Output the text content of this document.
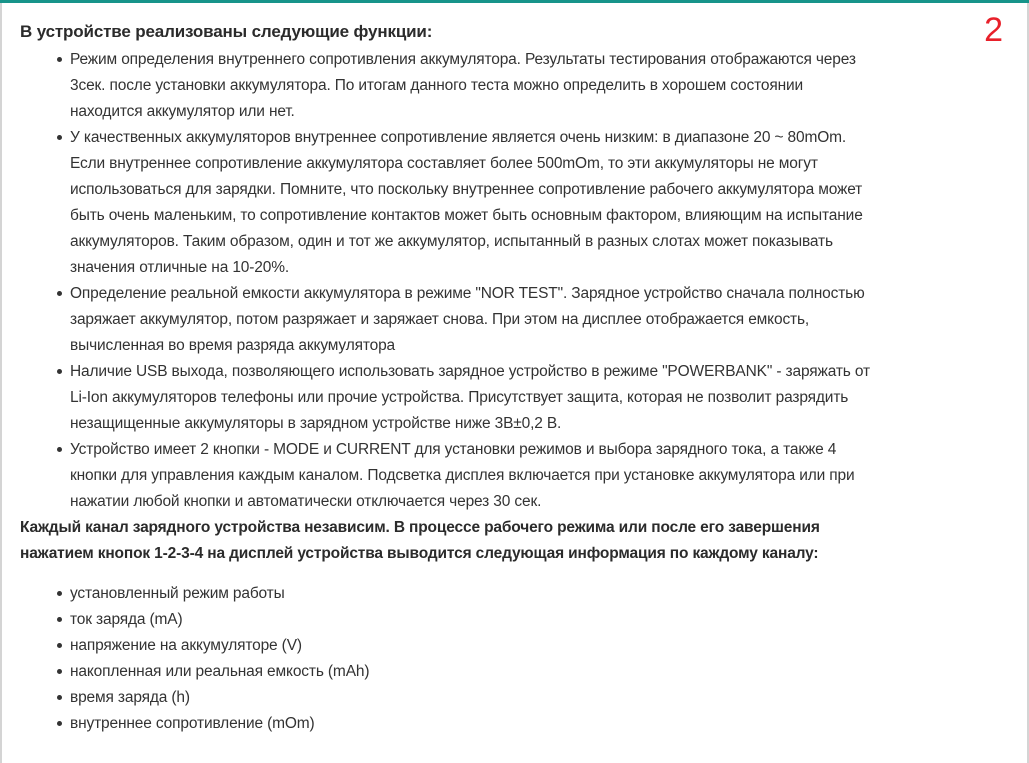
2
В устройстве реализованы следующие функции:
Режим определения внутреннего сопротивления аккумулятора. Результаты тестирования отображаются через
3сек. после установки аккумулятора. По итогам данного теста можно определить в хорошем состоянии
находится аккумулятор или нет.
У качественных аккумуляторов внутреннее сопротивление является очень низким: в диапазоне 20 ~ 80mOm.
Если внутреннее сопротивление аккумулятора составляет более 500mOm, то эти аккумуляторы не могут
использоваться для зарядки. Помните, что поскольку внутреннее сопротивление рабочего аккумулятора может
быть очень маленьким, то сопротивление контактов может быть основным фактором, влияющим на испытание
аккумуляторов. Таким образом, один и тот же аккумулятор, испытанный в разных слотах может показывать
значения отличные на 10-20%.
Определение реальной емкости аккумулятора в режиме "NOR TEST". Зарядное устройство сначала полностью
заряжает аккумулятор, потом разряжает и заряжает снова. При этом на дисплее отображается емкость,
вычисленная во время разряда аккумулятора
Наличие USB выхода, позволяющего использовать зарядное устройство в режиме "POWERBANK" - заряжать от
Li-Ion аккумуляторов телефоны или прочие устройства. Присутствует защита, которая не позволит разрядить
незащищенные аккумуляторы в зарядном устройстве ниже 3В±0,2 В.
Устройство имеет 2 кнопки - MODE и CURRENT для установки режимов и выбора зарядного тока, а также 4
кнопки для управления каждым каналом. Подсветка дисплея включается при установке аккумулятора или при
нажатии любой кнопки и автоматически отключается через 30 сек.

Каждый канал зарядного устройства независим. В процессе рабочего режима или после его завершения
нажатием кнопок 1-2-3-4 на дисплей устройства выводится следующая информация по каждому каналу:

установленный режим работы
ток заряда (mA)
напряжение на аккумуляторе (V)
накопленная или реальная емкость (mAh)
время заряда (h)
внутреннее сопротивление (mOm)
